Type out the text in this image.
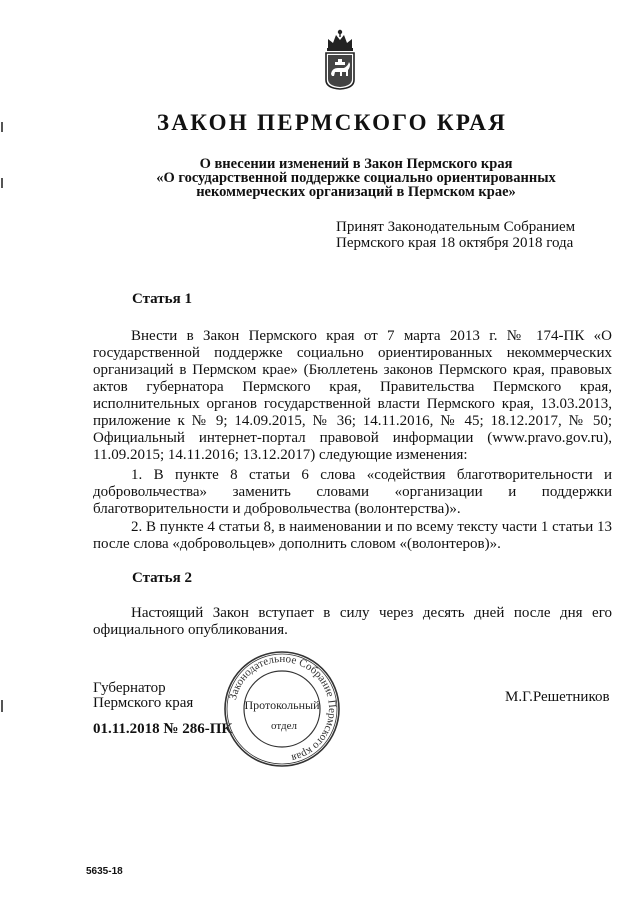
ЗАКОН ПЕРМСКОГО КРАЯ
О внесении изменений в Закон Пермского края
«О государственной поддержке социально ориентированных
некоммерческих организаций в Пермском крае»
Принят Законодательным Собранием
Пермского края 18 октября 2018 года
Статья 1
Внести в Закон Пермского края от 7 марта 2013 г. № 174-ПК «О государственной поддержке социально ориентированных некоммерческих организаций в Пермском крае» (Бюллетень законов Пермского края, правовых актов губернатора Пермского края, Правительства Пермского края, исполнительных органов государственной власти Пермского края, 13.03.2013, приложение к № 9; 14.09.2015, № 36; 14.11.2016, № 45; 18.12.2017, № 50; Официальный интернет-портал правовой информации (www.pravo.gov.ru), 11.09.2015; 14.11.2016; 13.12.2017) следующие изменения:
1. В пункте 8 статьи 6 слова «содействия благотворительности и добровольчества» заменить словами «организации и поддержки благотворительности и добровольчества (волонтерства)».
2. В пункте 4 статьи 8, в наименовании и по всему тексту части 1 статьи 13 после слова «добровольцев» дополнить словом «(волонтеров)».
Статья 2
Настоящий Закон вступает в силу через десять дней после дня его официального опубликования.
Губернатор
Пермского края	М.Г.Решетников
01.11.2018 № 286-ПК
Законодательное Собрание Пермского края
Протокольный
отдел
5635-18
